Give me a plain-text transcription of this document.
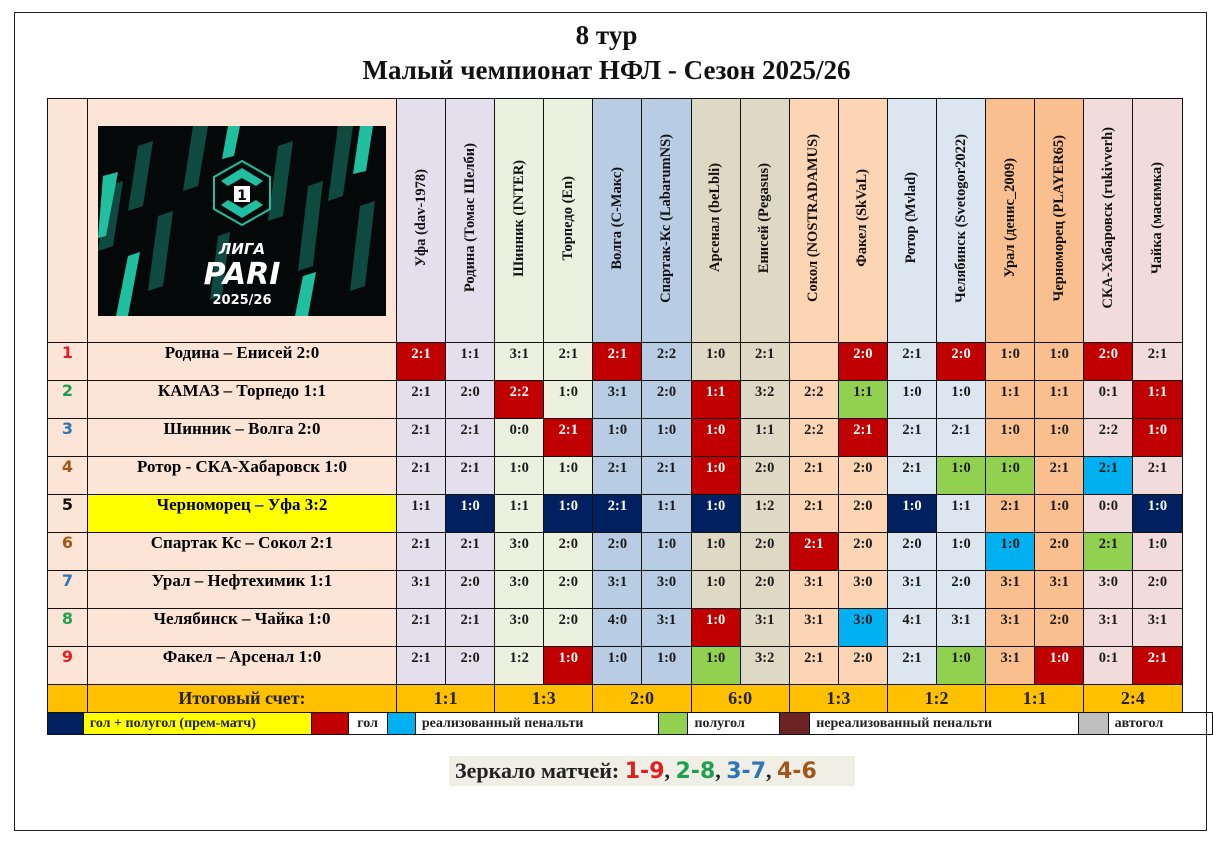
8 тур
Малый чемпионат НФЛ - Сезон 2025/26

1
ЛИГА
PARI
2025/26	Уфа (dav-1978)	Родина (Томас Шелби)	Шинник (INTER)	Торпедо (En)	Волга (С-Макс)	Спартак-Кс (LabarumNS)	Арсенал (beLbli)	Енисей (Pegasus)	Сокол (NOSTRADAMUS)	Факел (SkVaL)	Ротор (Mvlad)	Челябинск (Svetogor2022)	Урал (денис_2009)	Черноморец (PLAYER65)	СКА-Хабаровск (rukivverh)	Чайка (масимка)
1	Родина – Енисей 2:0	2:1	1:1	3:1	2:1	2:1	2:2	1:0	2:1		2:0	2:1	2:0	1:0	1:0	2:0	2:1

2	КАМАЗ – Торпедо 1:1	2:1	2:0	2:2	1:0	3:1	2:0	1:1	3:2	2:2	1:1	1:0	1:0	1:1	1:1	0:1	1:1

3	Шинник – Волга 2:0	2:1	2:1	0:0	2:1	1:0	1:0	1:0	1:1	2:2	2:1	2:1	2:1	1:0	1:0	2:2	1:0

4	Ротор - СКА-Хабаровск 1:0	2:1	2:1	1:0	1:0	2:1	2:1	1:0	2:0	2:1	2:0	2:1	1:0	1:0	2:1	2:1	2:1

5	Черноморец – Уфа 3:2	1:1	1:0	1:1	1:0	2:1	1:1	1:0	1:2	2:1	2:0	1:0	1:1	2:1	1:0	0:0	1:0

6	Спартак Кс – Сокол 2:1	2:1	2:1	3:0	2:0	2:0	1:0	1:0	2:0	2:1	2:0	2:0	1:0	1:0	2:0	2:1	1:0

7	Урал – Нефтехимик 1:1	3:1	2:0	3:0	2:0	3:1	3:0	1:0	2:0	3:1	3:0	3:1	2:0	3:1	3:1	3:0	2:0

8	Челябинск – Чайка 1:0	2:1	2:1	3:0	2:0	4:0	3:1	1:0	3:1	3:1	3:0	4:1	3:1	3:1	2:0	3:1	3:1

9	Факел – Арсенал 1:0	2:1	2:0	1:2	1:0	1:0	1:0	1:0	3:2	2:1	2:0	2:1	1:0	3:1	1:0	0:1	2:1

	Итоговый счет:	1:1		1:3		2:0		6:0		1:3		1:2		1:1		2:4	
	гол + полугол (прем-матч)		гол		реализованный пенальти		полугол		нереализованный пенальти		автогол
Зеркало матчей: 1-9, 2-8, 3-7, 4-6
